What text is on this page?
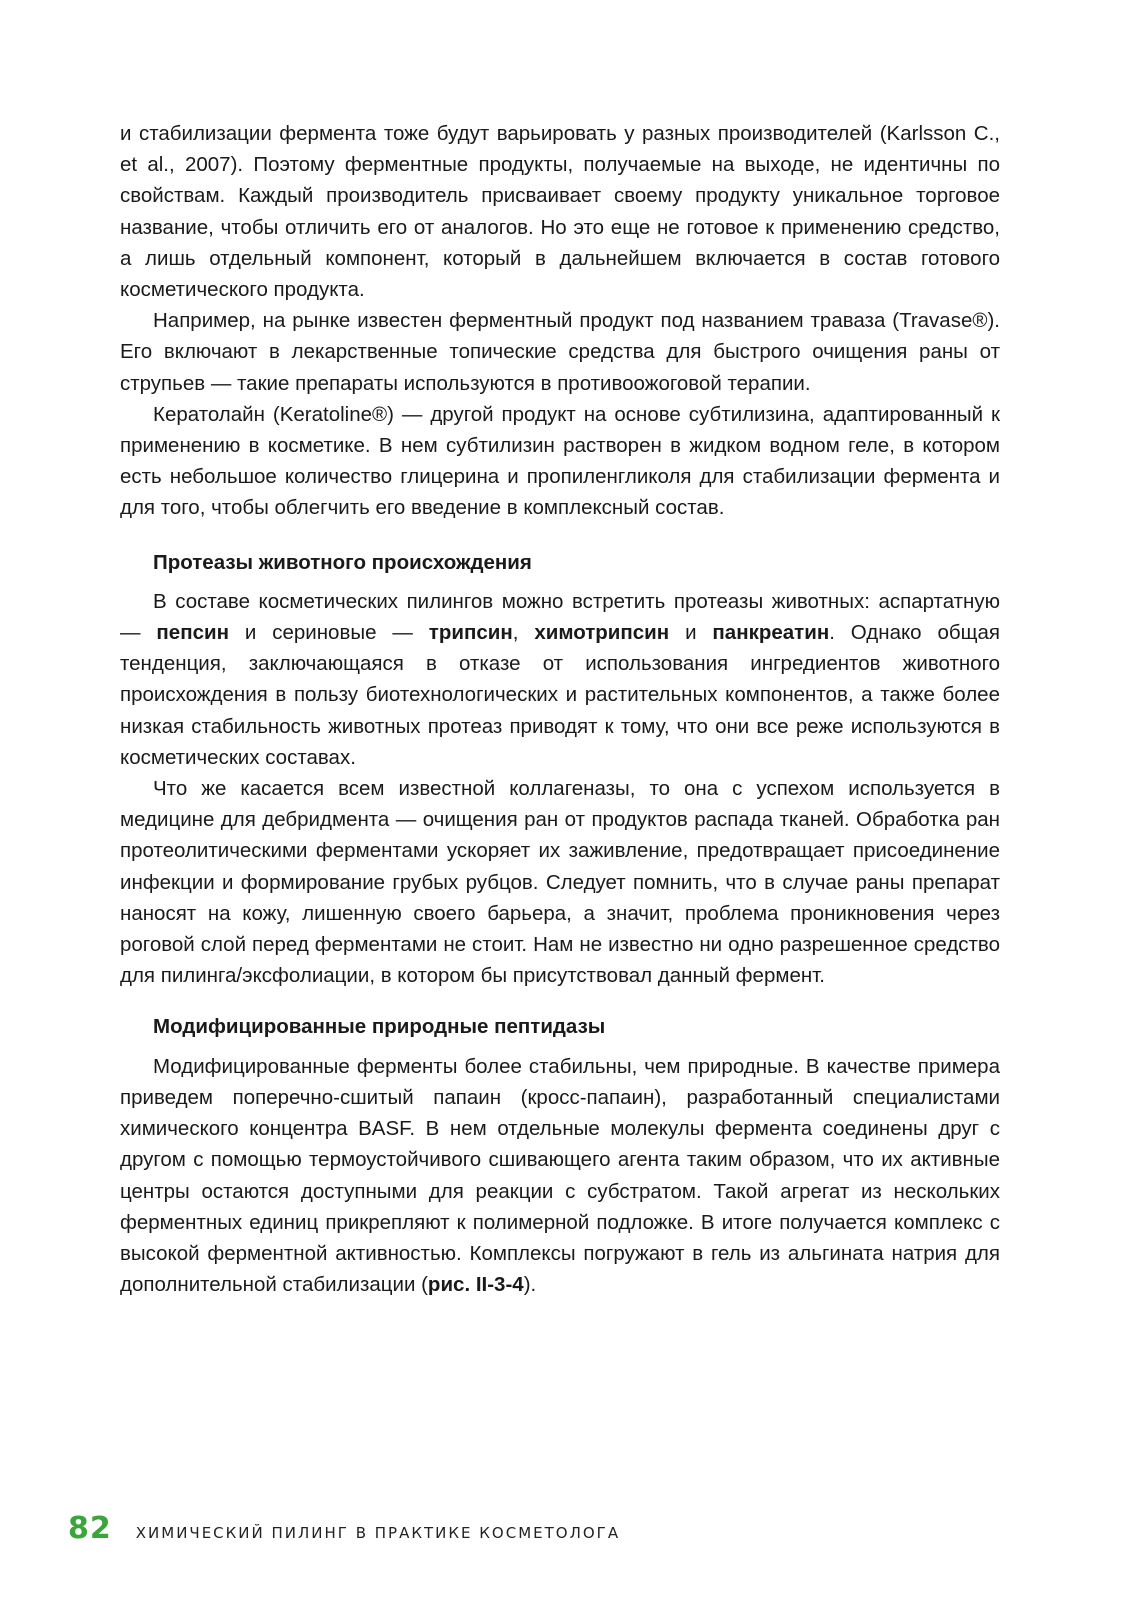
и стабилизации фермента тоже будут варьировать у разных производителей (Karlsson C., et al., 2007). Поэтому ферментные продукты, получаемые на выходе, не идентичны по свойствам. Каждый производитель присваивает своему продукту уникальное торговое название, чтобы отличить его от аналогов. Но это еще не готовое к применению средство, а лишь отдельный компонент, который в дальнейшем включается в состав готового косметического продукта.

Например, на рынке известен ферментный продукт под названием траваза (Travase®). Его включают в лекарственные топические средства для быстрого очищения раны от струпьев — такие препараты используются в противоожоговой терапии.

Кератолайн (Keratoline®) — другой продукт на основе субтилизина, адаптированный к применению в косметике. В нем субтилизин растворен в жидком водном геле, в котором есть небольшое количество глицерина и пропиленгликоля для стабилизации фермента и для того, чтобы облегчить его введение в комплексный состав.

Протеазы животного происхождения

В составе косметических пилингов можно встретить протеазы животных: аспартатную — пепсин и сериновые — трипсин, химотрипсин и панкреатин. Однако общая тенденция, заключающаяся в отказе от использования ингредиентов животного происхождения в пользу биотехнологических и растительных компонентов, а также более низкая стабильность животных протеаз приводят к тому, что они все реже используются в косметических составах.

Что же касается всем известной коллагеназы, то она с успехом используется в медицине для дебридмента — очищения ран от продуктов распада тканей. Обработка ран протеолитическими ферментами ускоряет их заживление, предотвращает присоединение инфекции и формирование грубых рубцов. Следует помнить, что в случае раны препарат наносят на кожу, лишенную своего барьера, а значит, проблема проникновения через роговой слой перед ферментами не стоит. Нам не известно ни одно разрешенное средство для пилинга/эксфолиации, в котором бы присутствовал данный фермент.

Модифицированные природные пептидазы

Модифицированные ферменты более стабильны, чем природные. В качестве примера приведем поперечно-сшитый папаин (кросс-папаин), разработанный специалистами химического концентра BASF. В нем отдельные молекулы фермента соединены друг с другом с помощью термоустойчивого сшивающего агента таким образом, что их активные центры остаются доступными для реакции с субстратом. Такой агрегат из нескольких ферментных единиц прикрепляют к полимерной подложке. В итоге получается комплекс с высокой ферментной активностью. Комплексы погружают в гель из альгината натрия для дополнительной стабилизации (рис. II-3-4).

82 ХИМИЧЕСКИЙ ПИЛИНГ В ПРАКТИКЕ КОСМЕТОЛОГА
